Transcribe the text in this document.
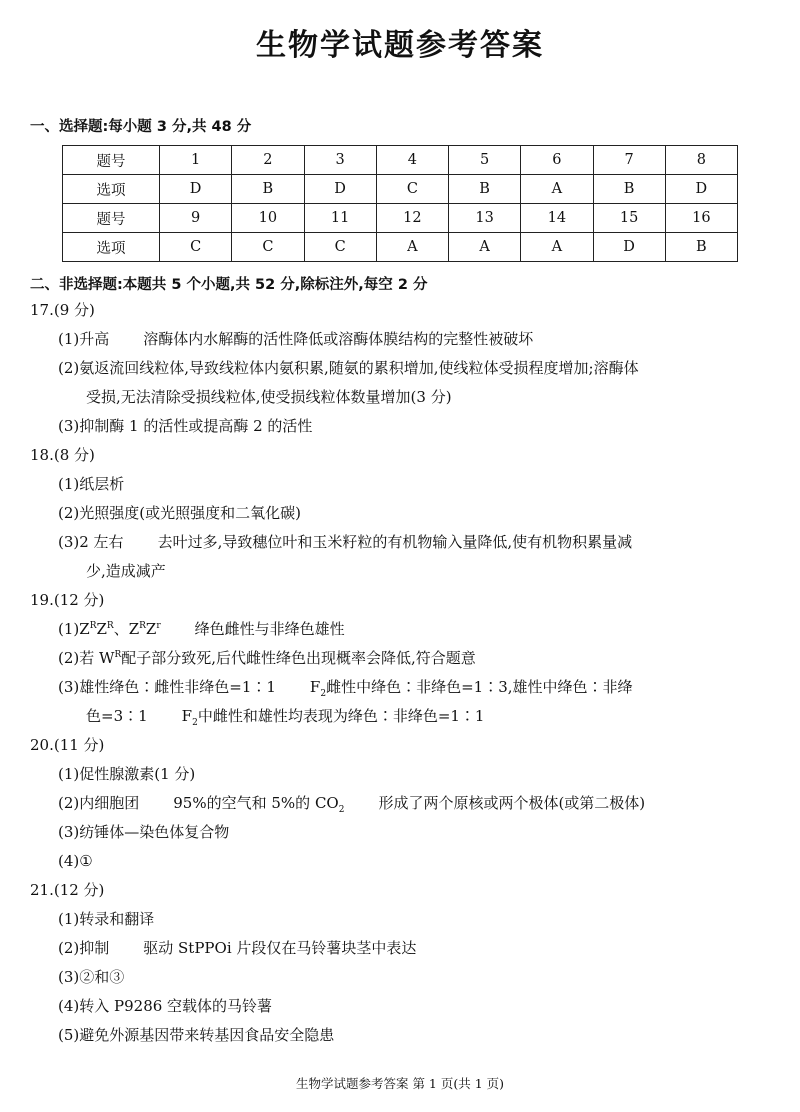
生物学试题参考答案
一、选择题:每小题 3 分,共 48 分
题号	1	2	3	4	5	6	7	8
选项	D	B	D	C	B	A	B	D
题号	9	10	11	12	13	14	15	16
选项	C	C	C	A	A	A	D	B
二、非选择题:本题共 5 个小题,共 52 分,除标注外,每空 2 分
17.(9 分)
(1)升高 溶酶体内水解酶的活性降低或溶酶体膜结构的完整性被破坏
(2)氨返流回线粒体,导致线粒体内氨积累,随氨的累积增加,使线粒体受损程度增加;溶酶体
受损,无法清除受损线粒体,使受损线粒体数量增加(3 分)
(3)抑制酶 1 的活性或提高酶 2 的活性
18.(8 分)
(1)纸层析
(2)光照强度(或光照强度和二氧化碳)
(3)2 左右 去叶过多,导致穗位叶和玉米籽粒的有机物输入量降低,使有机物积累量减
少,造成减产
19.(12 分)
$(1)Z^RZ^R$、$Z^RZ^r$ 绛色雌性与非绛色雄性
(2)若 $W^R$配子部分致死,后代雌性绛色出现概率会降低,符合题意
(3)雄性绛色∶雌性非绛色=1∶1 $F_2$雌性中绛色∶非绛色=1∶3,雄性中绛色∶非绛
色=3∶1 $F_2$中雌性和雄性均表现为绛色∶非绛色=1∶1
20.(11 分)
(1)促性腺激素(1 分)
(2)内细胞团 95%的空气和 5%的 $CO_2$ 形成了两个原核或两个极体(或第二极体)
(3)纺锤体—染色体复合物
(4)①
21.(12 分)
(1)转录和翻译
(2)抑制 驱动 StPPOi 片段仅在马铃薯块茎中表达
(3)②和③
(4)转入 P9286 空载体的马铃薯
(5)避免外源基因带来转基因食品安全隐患
生物学试题参考答案 第 1 页(共 1 页)
